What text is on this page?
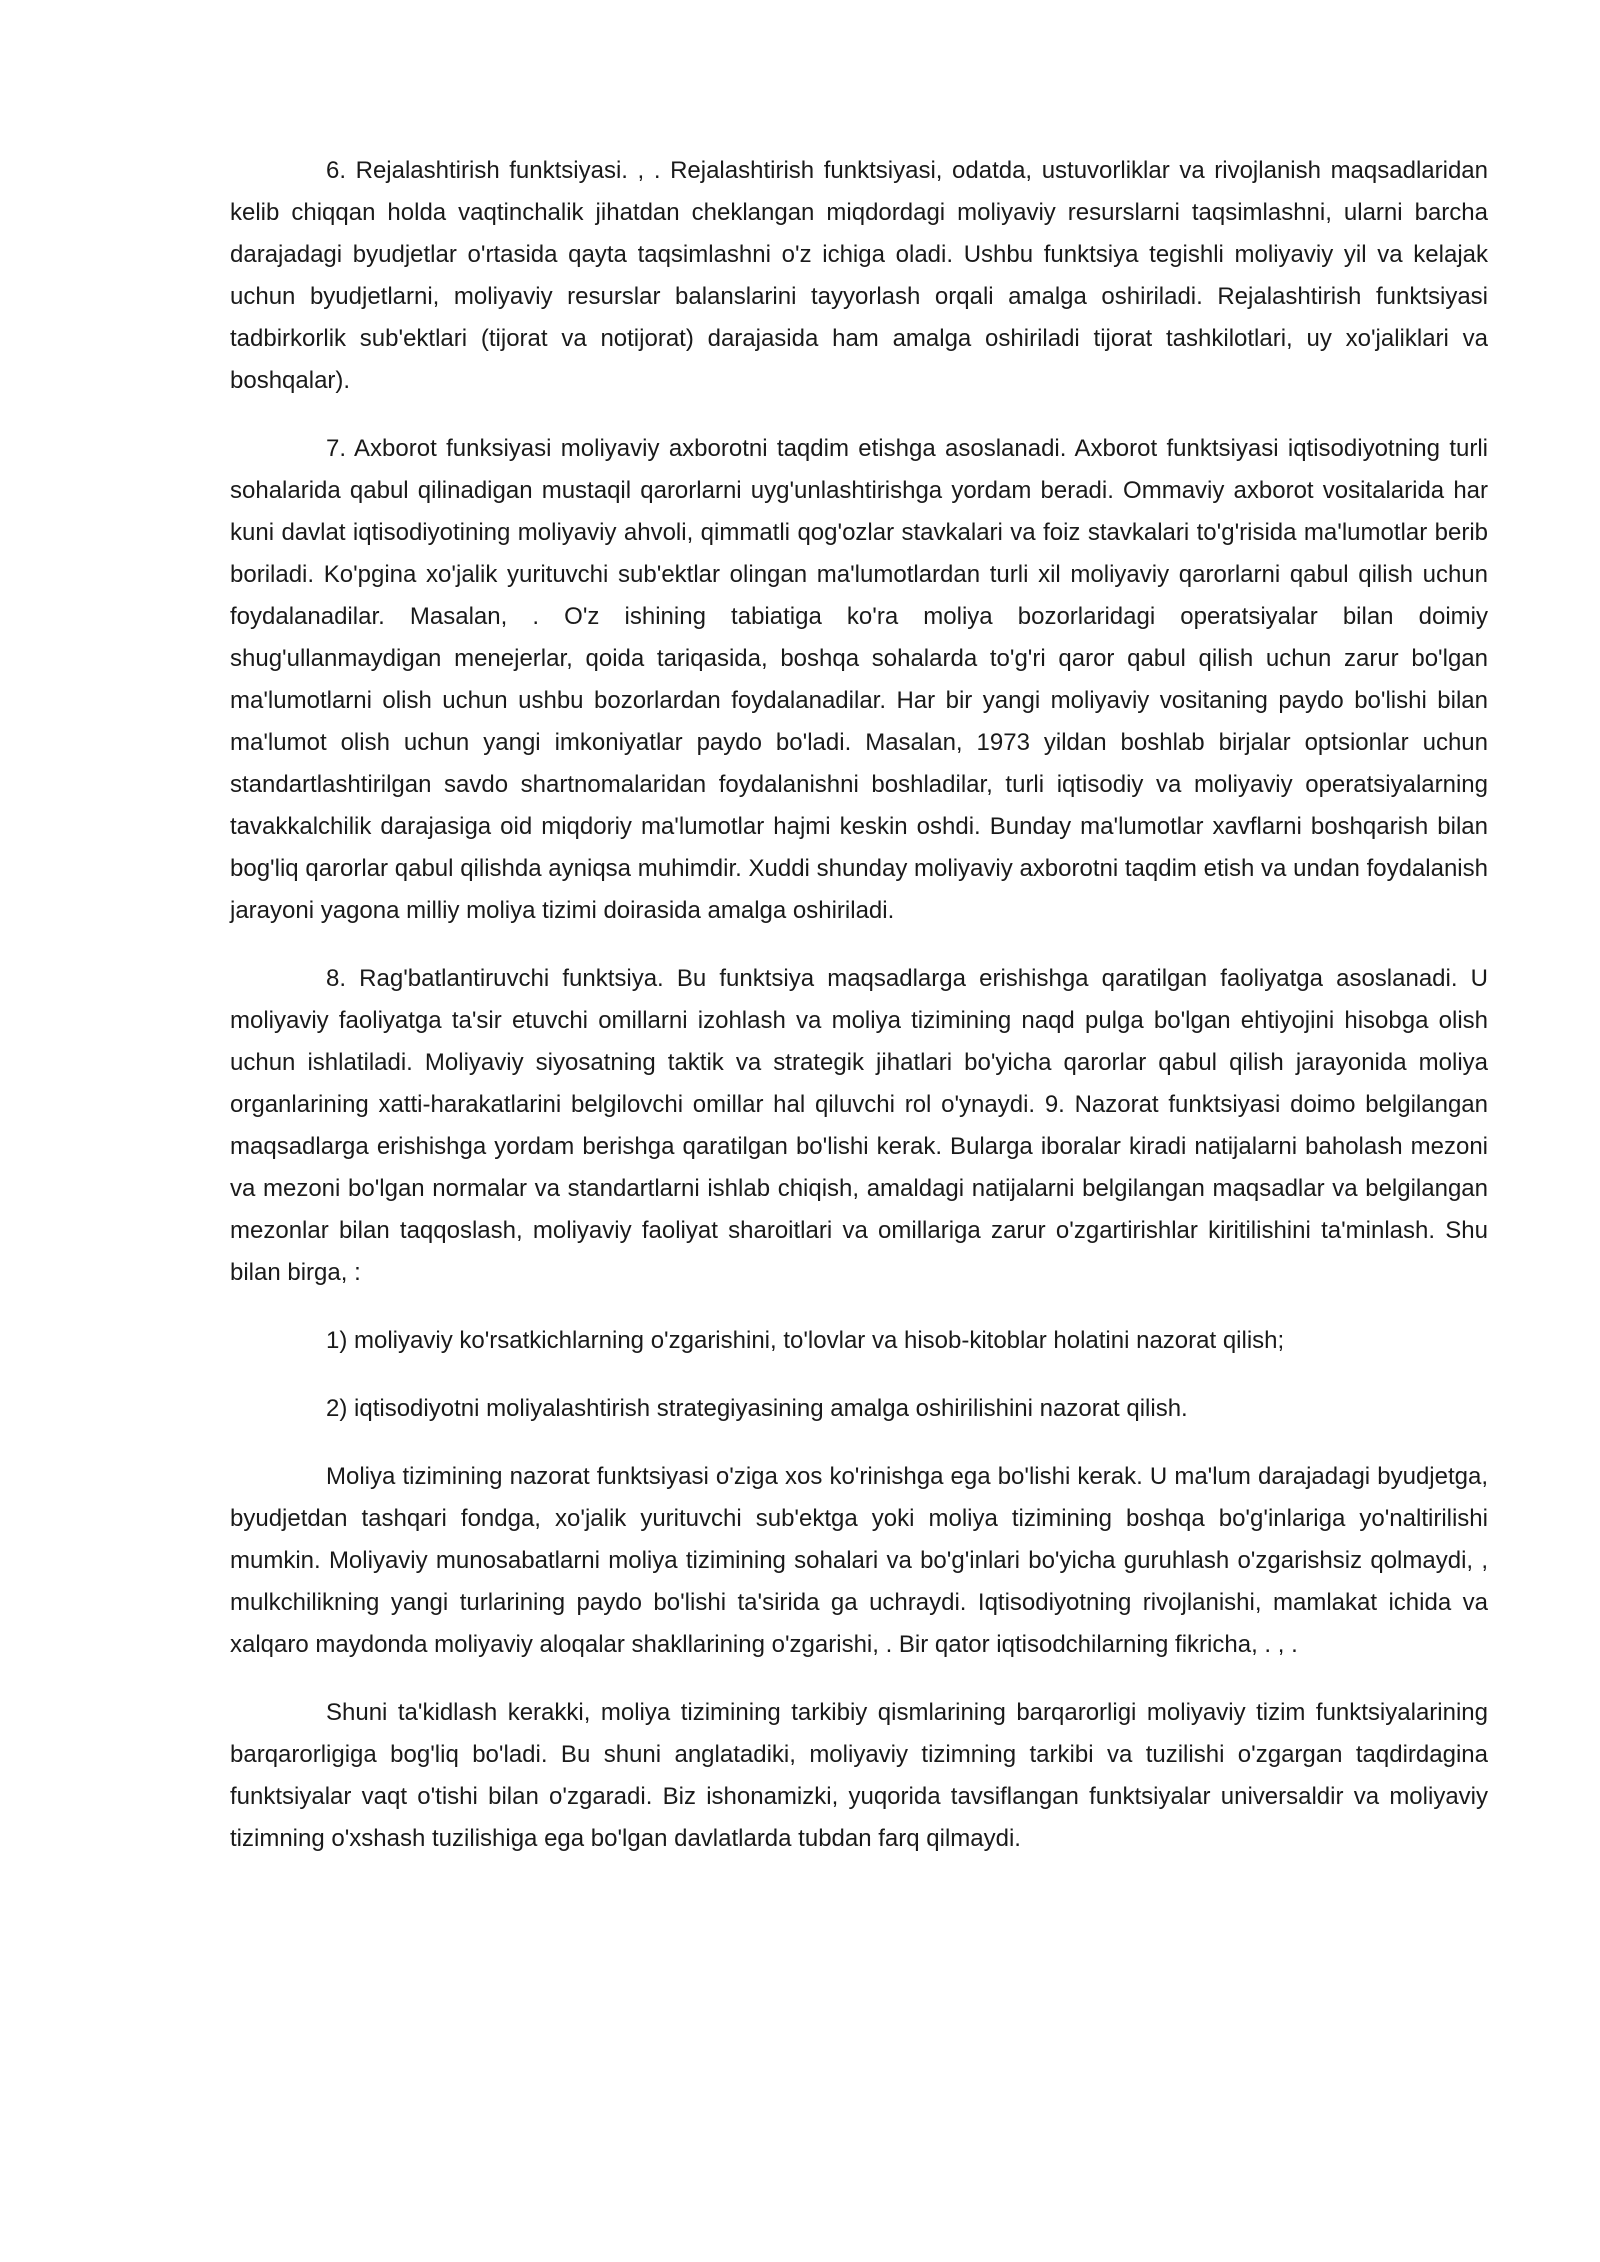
6. Rejalashtirish funktsiyasi. , . Rejalashtirish funktsiyasi, odatda, ustuvorliklar va rivojlanish maqsadlaridan kelib chiqqan holda vaqtinchalik jihatdan cheklangan miqdordagi moliyaviy resurslarni taqsimlashni, ularni barcha darajadagi byudjetlar o'rtasida qayta taqsimlashni o'z ichiga oladi. Ushbu funktsiya tegishli moliyaviy yil va kelajak uchun byudjetlarni, moliyaviy resurslar balanslarini tayyorlash orqali amalga oshiriladi. Rejalashtirish funktsiyasi tadbirkorlik sub'ektlari (tijorat va notijorat) darajasida ham amalga oshiriladi tijorat tashkilotlari, uy xo'jaliklari va boshqalar).

7. Axborot funksiyasi moliyaviy axborotni taqdim etishga asoslanadi. Axborot funktsiyasi iqtisodiyotning turli sohalarida qabul qilinadigan mustaqil qarorlarni uyg'unlashtirishga yordam beradi. Ommaviy axborot vositalarida har kuni davlat iqtisodiyotining moliyaviy ahvoli, qimmatli qog'ozlar stavkalari va foiz stavkalari to'g'risida ma'lumotlar berib boriladi. Ko'pgina xo'jalik yurituvchi sub'ektlar olingan ma'lumotlardan turli xil moliyaviy qarorlarni qabul qilish uchun foydalanadilar. Masalan, . O'z ishining tabiatiga ko'ra moliya bozorlaridagi operatsiyalar bilan doimiy shug'ullanmaydigan menejerlar, qoida tariqasida, boshqa sohalarda to'g'ri qaror qabul qilish uchun zarur bo'lgan ma'lumotlarni olish uchun ushbu bozorlardan foydalanadilar. Har bir yangi moliyaviy vositaning paydo bo'lishi bilan ma'lumot olish uchun yangi imkoniyatlar paydo bo'ladi. Masalan, 1973 yildan boshlab birjalar optsionlar uchun standartlashtirilgan savdo shartnomalaridan foydalanishni boshladilar, turli iqtisodiy va moliyaviy operatsiyalarning tavakkalchilik darajasiga oid miqdoriy ma'lumotlar hajmi keskin oshdi. Bunday ma'lumotlar xavflarni boshqarish bilan bog'liq qarorlar qabul qilishda ayniqsa muhimdir. Xuddi shunday moliyaviy axborotni taqdim etish va undan foydalanish jarayoni yagona milliy moliya tizimi doirasida amalga oshiriladi.

8. Rag'batlantiruvchi funktsiya. Bu funktsiya maqsadlarga erishishga qaratilgan faoliyatga asoslanadi. U moliyaviy faoliyatga ta'sir etuvchi omillarni izohlash va moliya tizimining naqd pulga bo'lgan ehtiyojini hisobga olish uchun ishlatiladi. Moliyaviy siyosatning taktik va strategik jihatlari bo'yicha qarorlar qabul qilish jarayonida moliya organlarining xatti-harakatlarini belgilovchi omillar hal qiluvchi rol o'ynaydi. 9. Nazorat funktsiyasi doimo belgilangan maqsadlarga erishishga yordam berishga qaratilgan bo'lishi kerak. Bularga iboralar kiradi natijalarni baholash mezoni va mezoni bo'lgan normalar va standartlarni ishlab chiqish, amaldagi natijalarni belgilangan maqsadlar va belgilangan mezonlar bilan taqqoslash, moliyaviy faoliyat sharoitlari va omillariga zarur o'zgartirishlar kiritilishini ta'minlash. Shu bilan birga, :

1) moliyaviy ko'rsatkichlarning o'zgarishini, to'lovlar va hisob-kitoblar holatini nazorat qilish;

2) iqtisodiyotni moliyalashtirish strategiyasining amalga oshirilishini nazorat qilish.

Moliya tizimining nazorat funktsiyasi o'ziga xos ko'rinishga ega bo'lishi kerak. U ma'lum darajadagi byudjetga, byudjetdan tashqari fondga, xo'jalik yurituvchi sub'ektga yoki moliya tizimining boshqa bo'g'inlariga yo'naltirilishi mumkin. Moliyaviy munosabatlarni moliya tizimining sohalari va bo'g'inlari bo'yicha guruhlash o'zgarishsiz qolmaydi, , mulkchilikning yangi turlarining paydo bo'lishi ta'sirida ga uchraydi. Iqtisodiyotning rivojlanishi, mamlakat ichida va xalqaro maydonda moliyaviy aloqalar shakllarining o'zgarishi, . Bir qator iqtisodchilarning fikricha, . , .

Shuni ta'kidlash kerakki, moliya tizimining tarkibiy qismlarining barqarorligi moliyaviy tizim funktsiyalarining barqarorligiga bog'liq bo'ladi. Bu shuni anglatadiki, moliyaviy tizimning tarkibi va tuzilishi o'zgargan taqdirdagina funktsiyalar vaqt o'tishi bilan o'zgaradi. Biz ishonamizki, yuqorida tavsiflangan funktsiyalar universaldir va moliyaviy tizimning o'xshash tuzilishiga ega bo'lgan davlatlarda tubdan farq qilmaydi.
